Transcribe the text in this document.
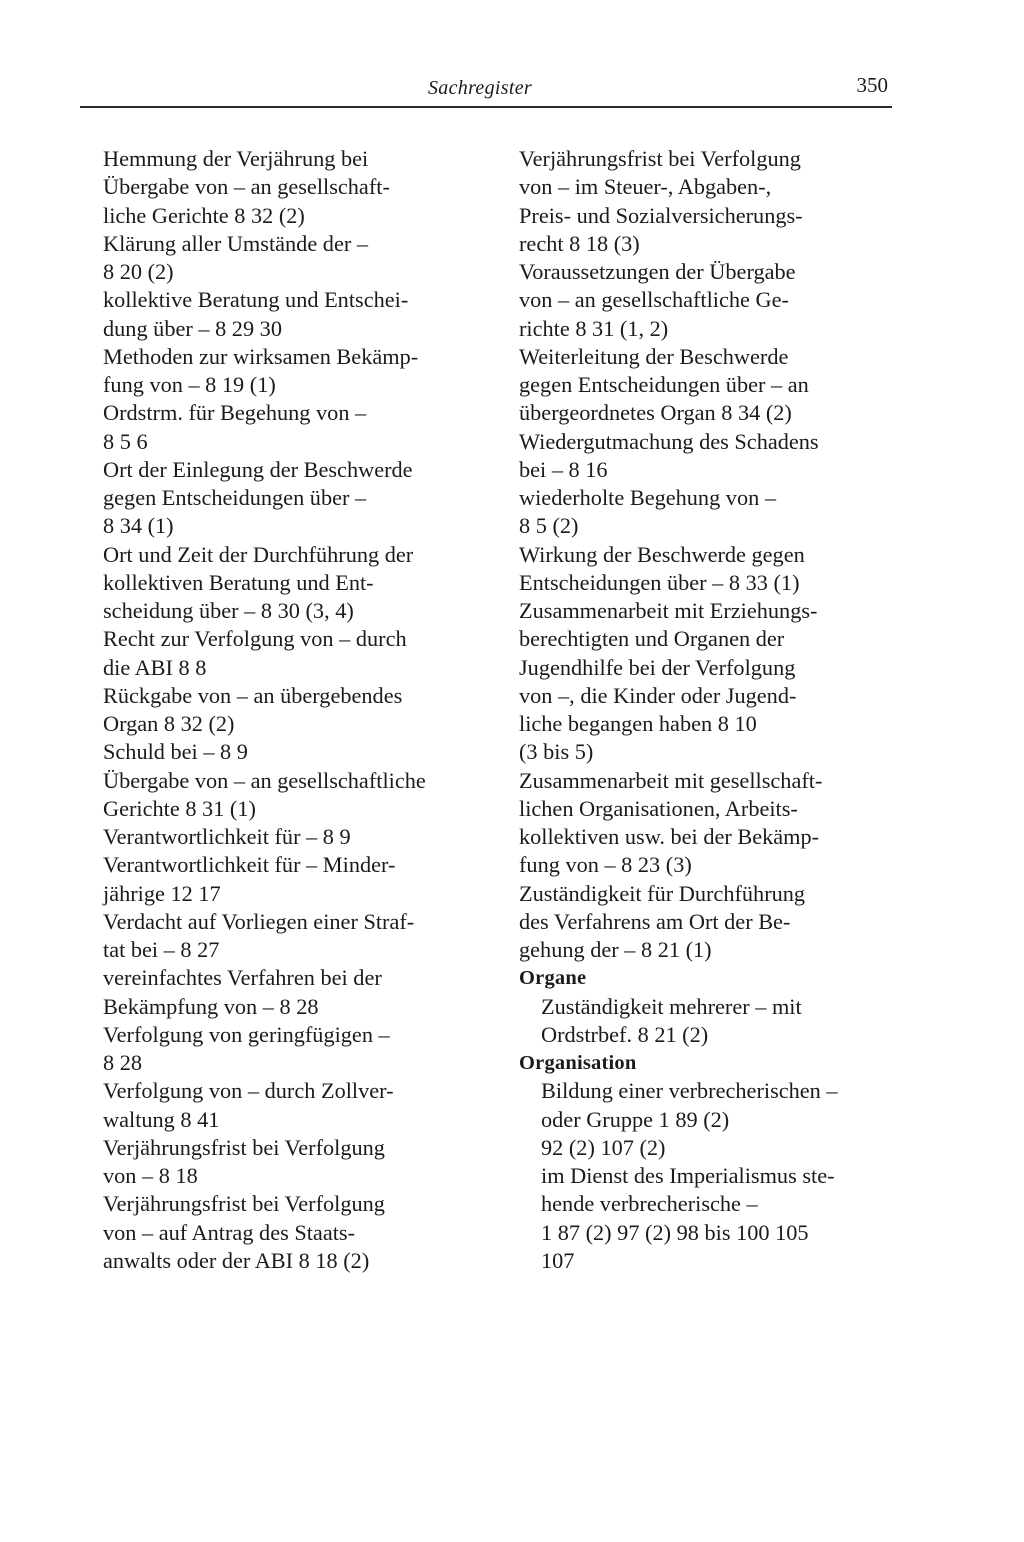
Sachregister	350
Hemmung der Verjährung bei
Übergabe von – an gesellschaft-
liche Gerichte 8 32 (2)
Klärung aller Umstände der –
8 20 (2)
kollektive Beratung und Entschei-
dung über – 8 29 30
Methoden zur wirksamen Bekämp-
fung von – 8 19 (1)
Ordstrm. für Begehung von –
8 5 6
Ort der Einlegung der Beschwerde
gegen Entscheidungen über –
8 34 (1)
Ort und Zeit der Durchführung der
kollektiven Beratung und Ent-
scheidung über – 8 30 (3, 4)
Recht zur Verfolgung von – durch
die ABI 8 8
Rückgabe von – an übergebendes
Organ 8 32 (2)
Schuld bei – 8 9
Übergabe von – an gesellschaftliche
Gerichte 8 31 (1)
Verantwortlichkeit für – 8 9
Verantwortlichkeit für – Minder-
jährige 12 17
Verdacht auf Vorliegen einer Straf-
tat bei – 8 27
vereinfachtes Verfahren bei der
Bekämpfung von – 8 28
Verfolgung von geringfügigen –
8 28
Verfolgung von – durch Zollver-
waltung 8 41
Verjährungsfrist bei Verfolgung
von – 8 18
Verjährungsfrist bei Verfolgung
von – auf Antrag des Staats-
anwalts oder der ABI 8 18 (2)
Verjährungsfrist bei Verfolgung
von – im Steuer-, Abgaben-,
Preis- und Sozialversicherungs-
recht 8 18 (3)
Voraussetzungen der Übergabe
von – an gesellschaftliche Ge-
richte 8 31 (1, 2)
Weiterleitung der Beschwerde
gegen Entscheidungen über – an
übergeordnetes Organ 8 34 (2)
Wiedergutmachung des Schadens
bei – 8 16
wiederholte Begehung von –
8 5 (2)
Wirkung der Beschwerde gegen
Entscheidungen über – 8 33 (1)
Zusammenarbeit mit Erziehungs-
berechtigten und Organen der
Jugendhilfe bei der Verfolgung
von –, die Kinder oder Jugend-
liche begangen haben 8 10
(3 bis 5)
Zusammenarbeit mit gesellschaft-
lichen Organisationen, Arbeits-
kollektiven usw. bei der Bekämp-
fung von – 8 23 (3)
Zuständigkeit für Durchführung
des Verfahrens am Ort der Be-
gehung der – 8 21 (1)
Organe
Zuständigkeit mehrerer – mit
Ordstrbef. 8 21 (2)
Organisation
Bildung einer verbrecherischen –
oder Gruppe 1 89 (2)
92 (2) 107 (2)
im Dienst des Imperialismus ste-
hende verbrecherische –
1 87 (2) 97 (2) 98 bis 100 105
107
